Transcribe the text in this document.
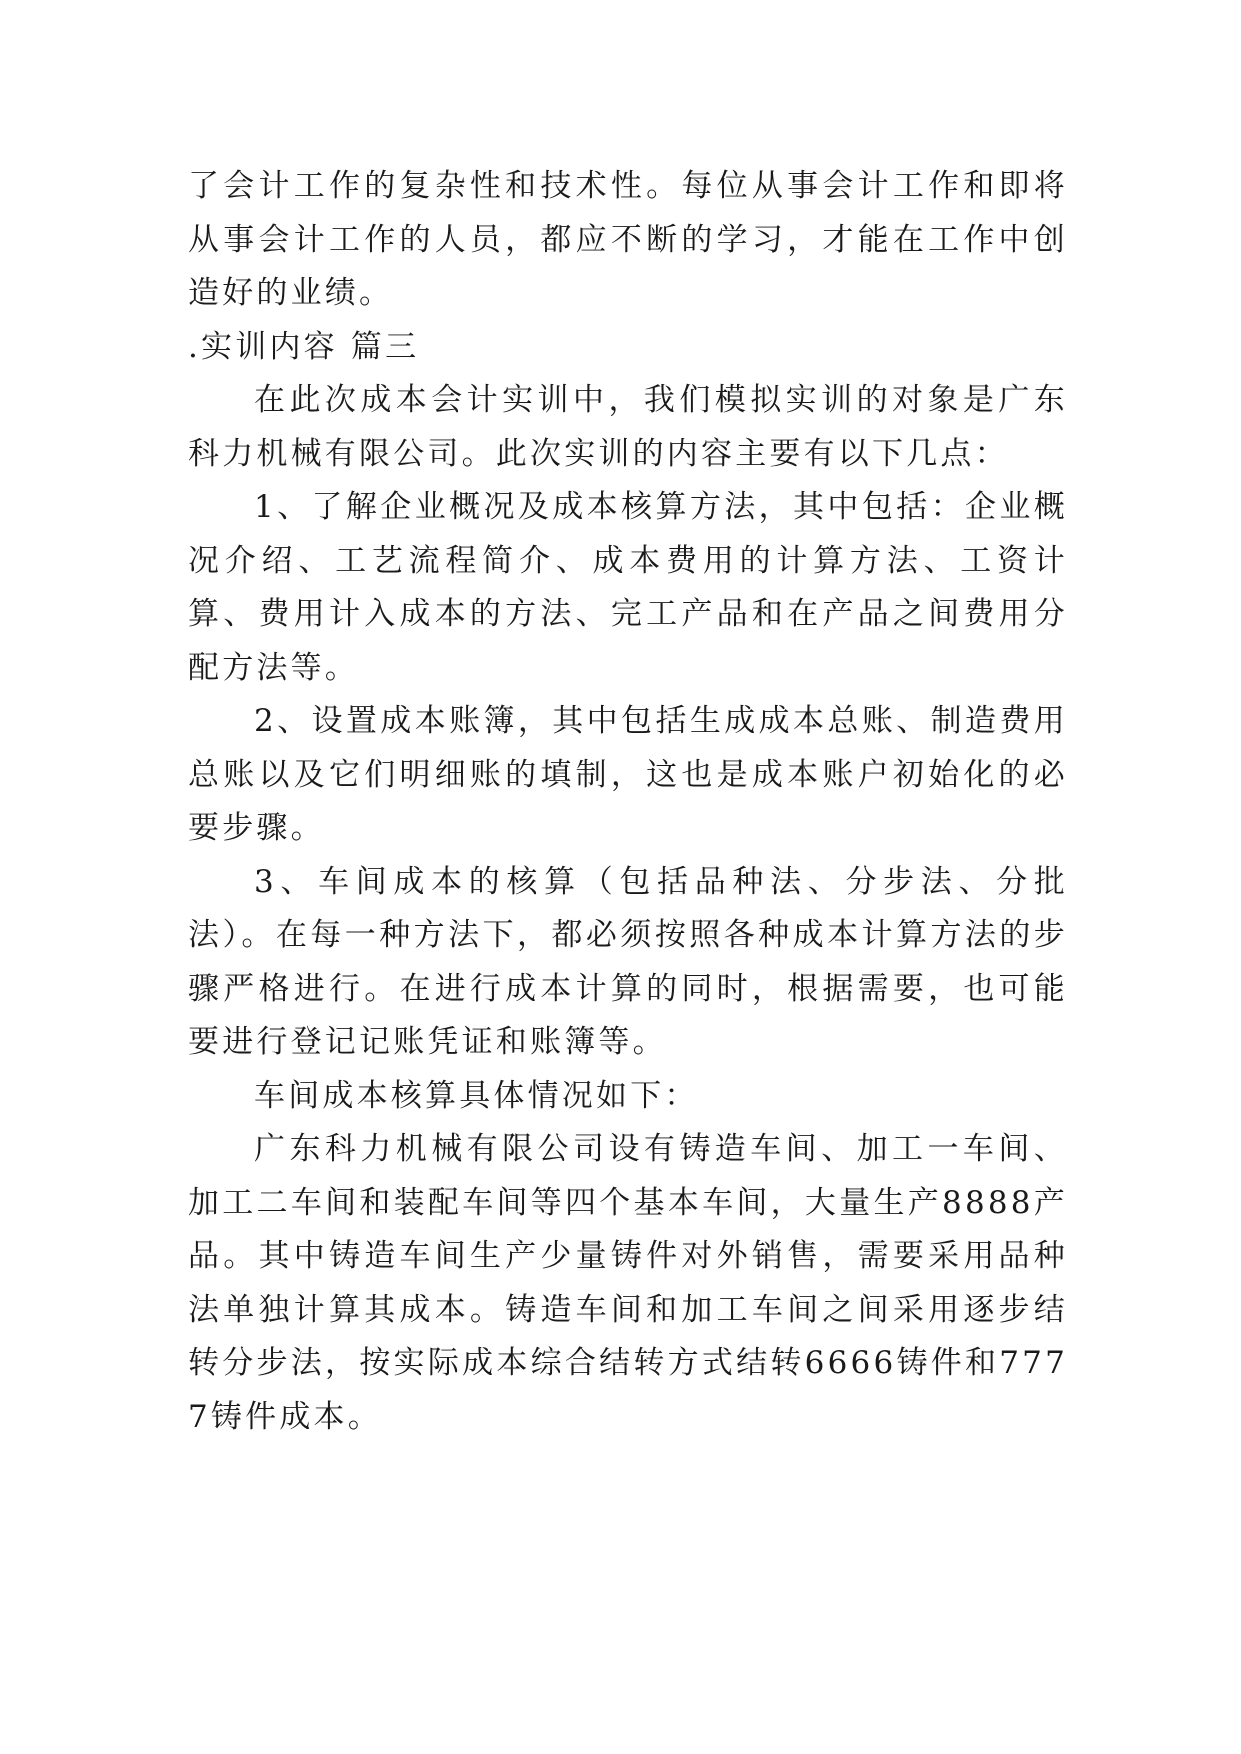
了会计工作的复杂性和技术性。每位从事会计工作和即将从事会计工作的人员，都应不断的学习，才能在工作中创造好的业绩。

.实训内容 篇三

在此次成本会计实训中，我们模拟实训的对象是广东科力机械有限公司。此次实训的内容主要有以下几点：

1、了解企业概况及成本核算方法，其中包括：企业概况介绍、工艺流程简介、成本费用的计算方法、工资计算、费用计入成本的方法、完工产品和在产品之间费用分配方法等。

2、设置成本账簿，其中包括生成成本总账、制造费用总账以及它们明细账的填制，这也是成本账户初始化的必要步骤。

3、车间成本的核算（包括品种法、分步法、分批法）。在每一种方法下，都必须按照各种成本计算方法的步骤严格进行。在进行成本计算的同时，根据需要，也可能要进行登记记账凭证和账簿等。

车间成本核算具体情况如下：

广东科力机械有限公司设有铸造车间、加工一车间、加工二车间和装配车间等四个基本车间，大量生产8888产品。其中铸造车间生产少量铸件对外销售，需要采用品种法单独计算其成本。铸造车间和加工车间之间采用逐步结转分步法，按实际成本综合结转方式结转6666铸件和7777铸件成本。
